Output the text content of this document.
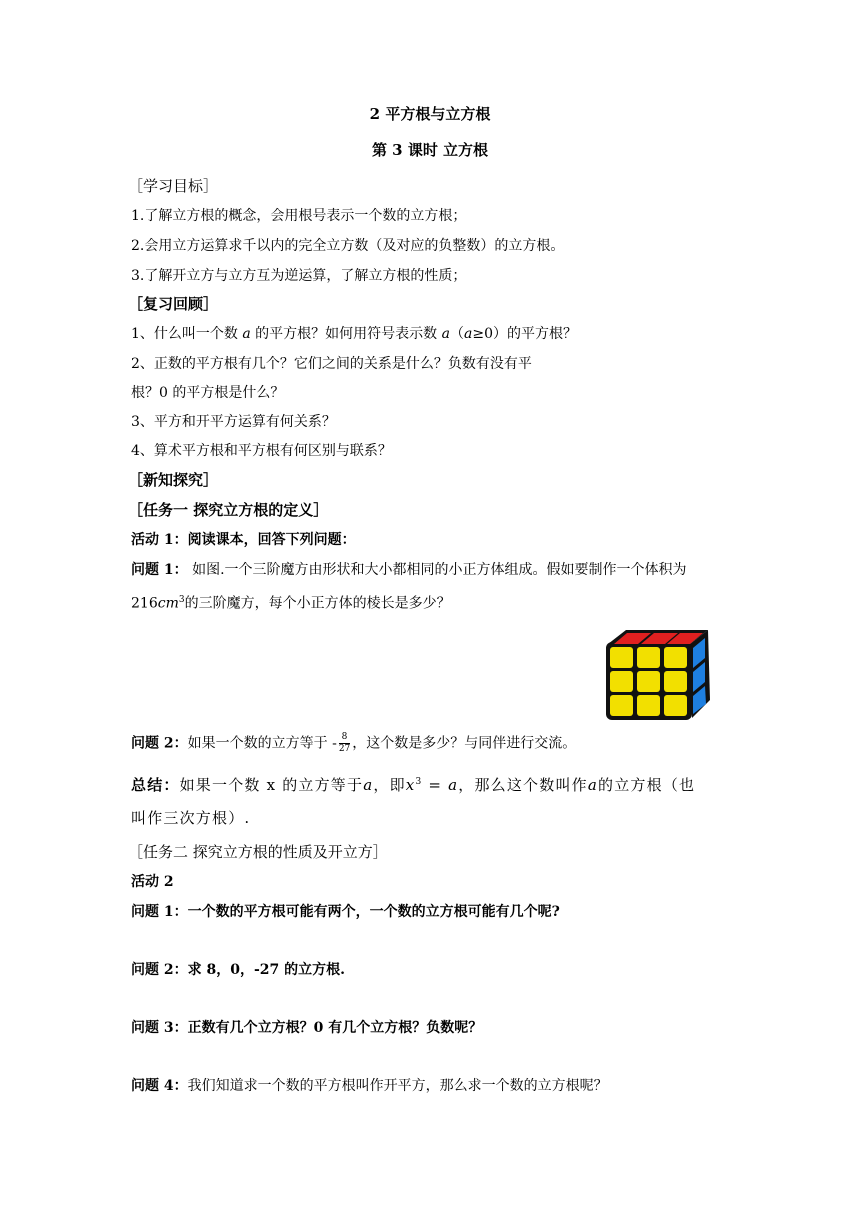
2 平方根与立方根
第 3 课时 立方根
［学习目标］
1.了解立方根的概念，会用根号表示一个数的立方根；
2.会用立方运算求千以内的完全立方数（及对应的负整数）的立方根。
3.了解开立方与立方互为逆运算，了解立方根的性质；
［复习回顾］
1、什么叫一个数 a 的平方根？如何用符号表示数 a（a≥0）的平方根？
2、正数的平方根有几个？它们之间的关系是什么？负数有没有平
根？0 的平方根是什么？
3、平方和开平方运算有何关系？
4、算术平方根和平方根有何区别与联系？
［新知探究］
［任务一 探究立方根的定义］
活动 1：阅读课本，回答下列问题：
问题 1： 如图.一个三阶魔方由形状和大小都相同的小正方体组成。假如要制作一个体积为
$216cm^3$的三阶魔方，每个小正方体的棱长是多少？
问题 2：如果一个数的立方等于 - $\frac{8}{27}$ ，这个数是多少？与同伴进行交流。
总结：如果一个数 x 的立方等于a，即$x^3 = a$，那么这个数叫作a的立方根（也
叫作三次方根）.
［任务二 探究立方根的性质及开立方］
活动 2
问题 1：一个数的平方根可能有两个，一个数的立方根可能有几个呢?
问题 2：求 8，0，-27 的立方根.
问题 3：正数有几个立方根？0 有几个立方根？负数呢？
问题 4：我们知道求一个数的平方根叫作开平方，那么求一个数的立方根呢？
